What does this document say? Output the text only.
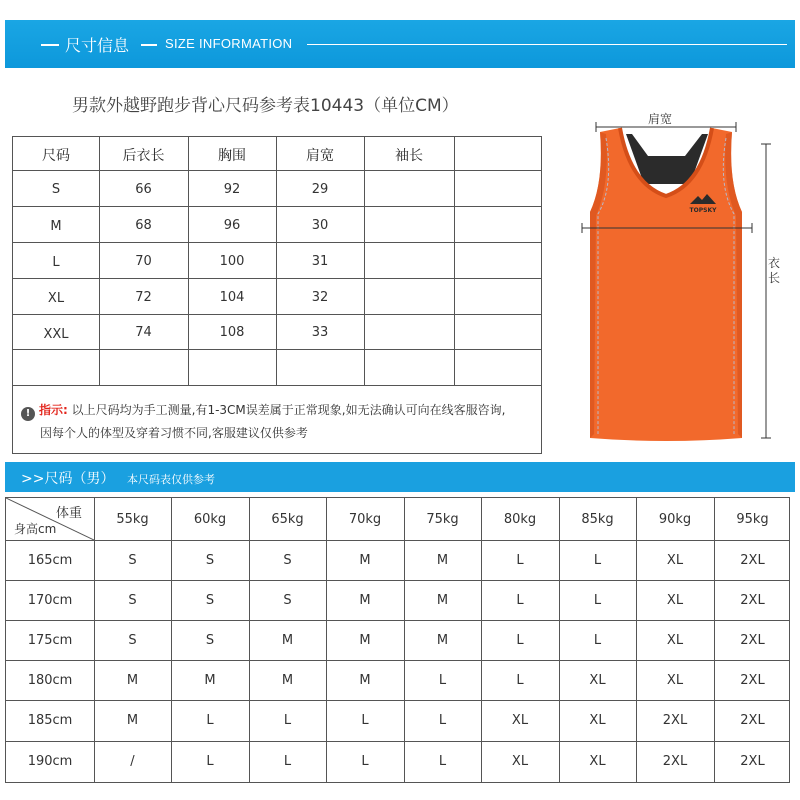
尺寸信息	SIZE INFORMATION
男款外越野跑步背心尺码参考表10443（单位CM）
尺码	后衣长	胸围	肩宽	袖长
S	66	92	29
M	68	96	30
L	70	100	31
XL	72	104	32
XXL	74	108	33
! 指示: 以上尺码均为手工测量,有1-3CM误差属于正常现象,如无法确认可向在线客服咨询,
因每个人的体型及穿着习惯不同,客服建议仅供参考
肩宽
衣长
TOPSKY
>>尺码（男） 本尺码表仅供参考
体重
身高cm
55kg	60kg	65kg	70kg	75kg	80kg	85kg	90kg	95kg
165cm	S	S	S	M	M	L	L	XL	2XL
170cm	S	S	S	M	M	L	L	XL	2XL
175cm	S	S	M	M	M	L	L	XL	2XL
180cm	M	M	M	M	L	L	XL	XL	2XL
185cm	M	L	L	L	L	XL	XL	2XL	2XL
190cm	/	L	L	L	L	XL	XL	2XL	2XL
